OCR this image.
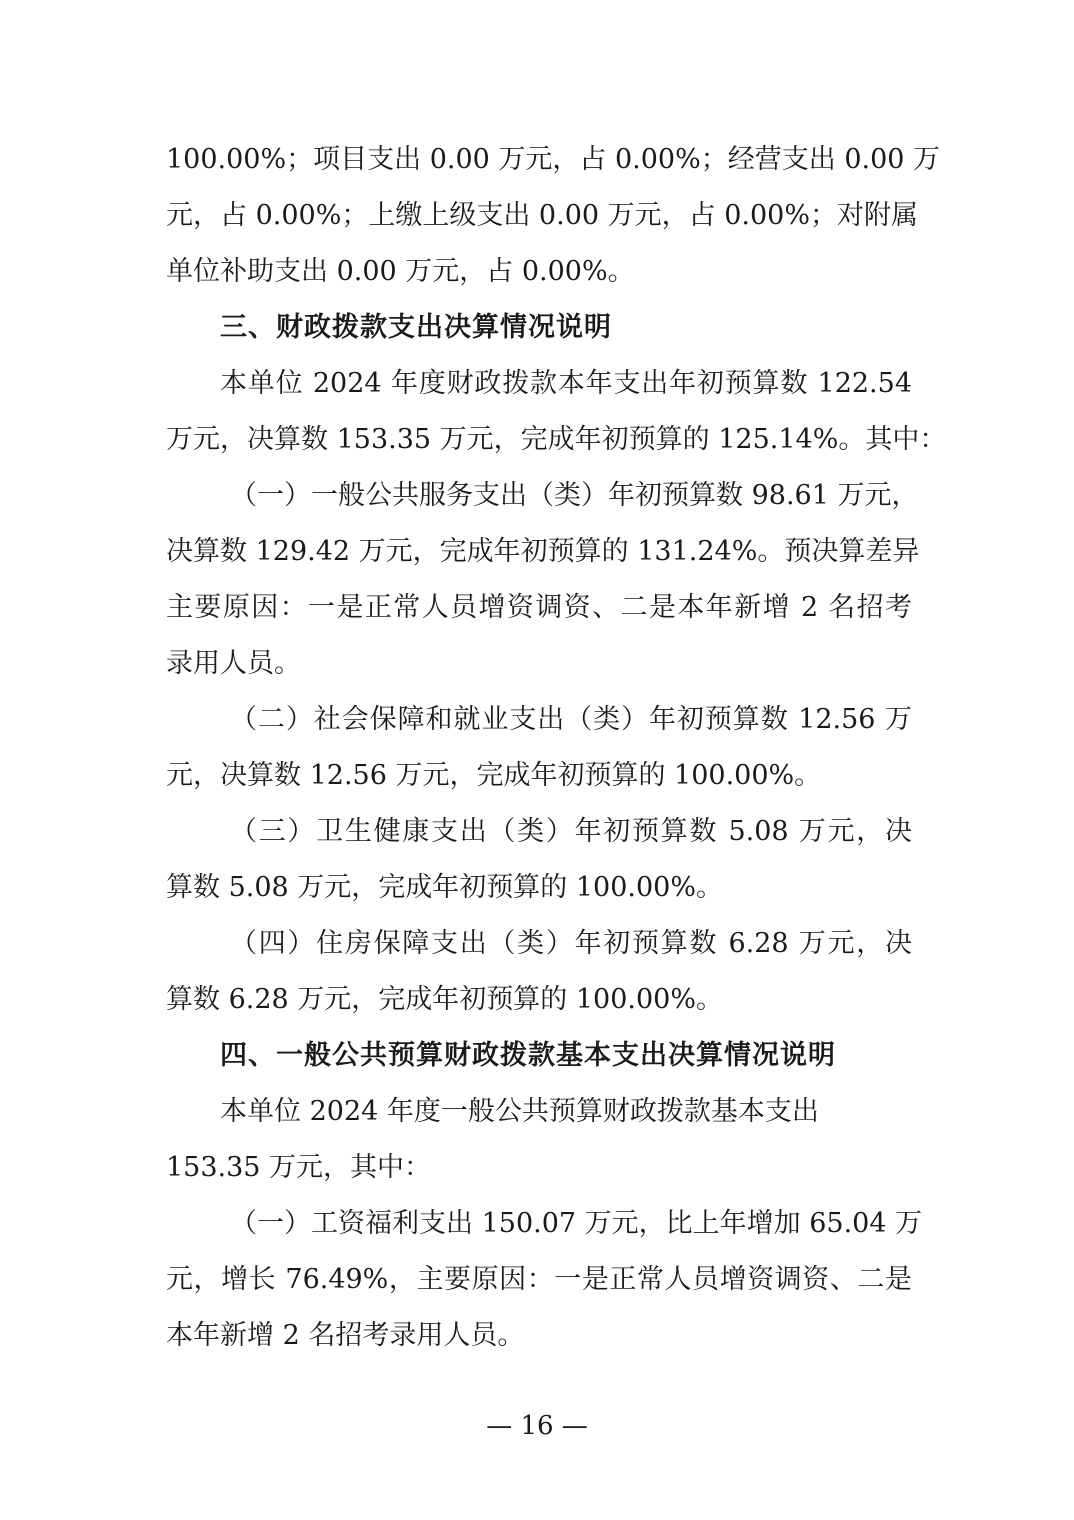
100.00%；项目支出 0.00 万元，占 0.00%；经营支出 0.00 万
元，占 0.00%；上缴上级支出 0.00 万元，占 0.00%；对附属
单位补助支出 0.00 万元，占 0.00%。
三、财政拨款支出决算情况说明
本单位 2024 年度财政拨款本年支出年初预算数 122.54
万元，决算数 153.35 万元，完成年初预算的 125.14%。其中：
（一）一般公共服务支出（类）年初预算数 98.61 万元，
决算数 129.42 万元，完成年初预算的 131.24%。预决算差异
主要原因：一是正常人员增资调资、二是本年新增 2 名招考
录用人员。
（二）社会保障和就业支出（类）年初预算数 12.56 万
元，决算数 12.56 万元，完成年初预算的 100.00%。
（三）卫生健康支出（类）年初预算数 5.08 万元，决
算数 5.08 万元，完成年初预算的 100.00%。
（四）住房保障支出（类）年初预算数 6.28 万元，决
算数 6.28 万元，完成年初预算的 100.00%。
四、一般公共预算财政拨款基本支出决算情况说明
本单位 2024 年度一般公共预算财政拨款基本支出
153.35 万元，其中：
（一）工资福利支出 150.07 万元，比上年增加 65.04 万
元，增长 76.49%，主要原因：一是正常人员增资调资、二是
本年新增 2 名招考录用人员。
— 16 —
